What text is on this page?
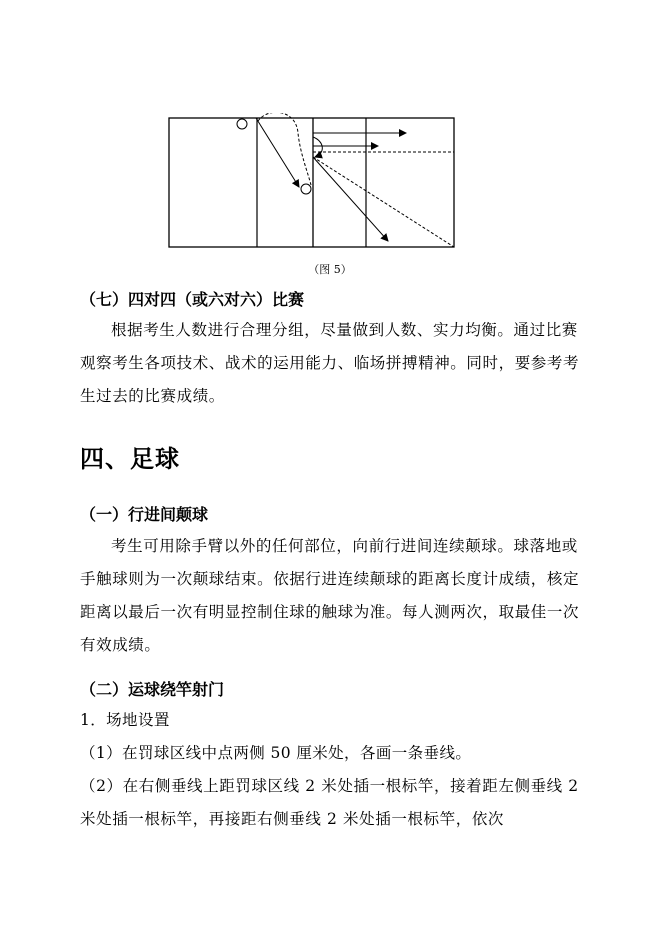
（图 5）
（七）四对四（或六对六）比赛

根据考生人数进行合理分组，尽量做到人数、实力均衡。通过比赛观察考生各项技术、战术的运用能力、临场拼搏精神。同时，要参考考生过去的比赛成绩。

四、足球
（一）行进间颠球

考生可用除手臂以外的任何部位，向前行进间连续颠球。球落地或手触球则为一次颠球结束。依据行进连续颠球的距离长度计成绩，核定距离以最后一次有明显控制住球的触球为准。每人测两次，取最佳一次有效成绩。

（二）运球绕竿射门
1．场地设置
（1）在罚球区线中点两侧 50 厘米处，各画一条垂线。

（2）在右侧垂线上距罚球区线 2 米处插一根标竿，接着距左侧垂线 2 米处插一根标竿，再接距右侧垂线 2 米处插一根标竿，依次
